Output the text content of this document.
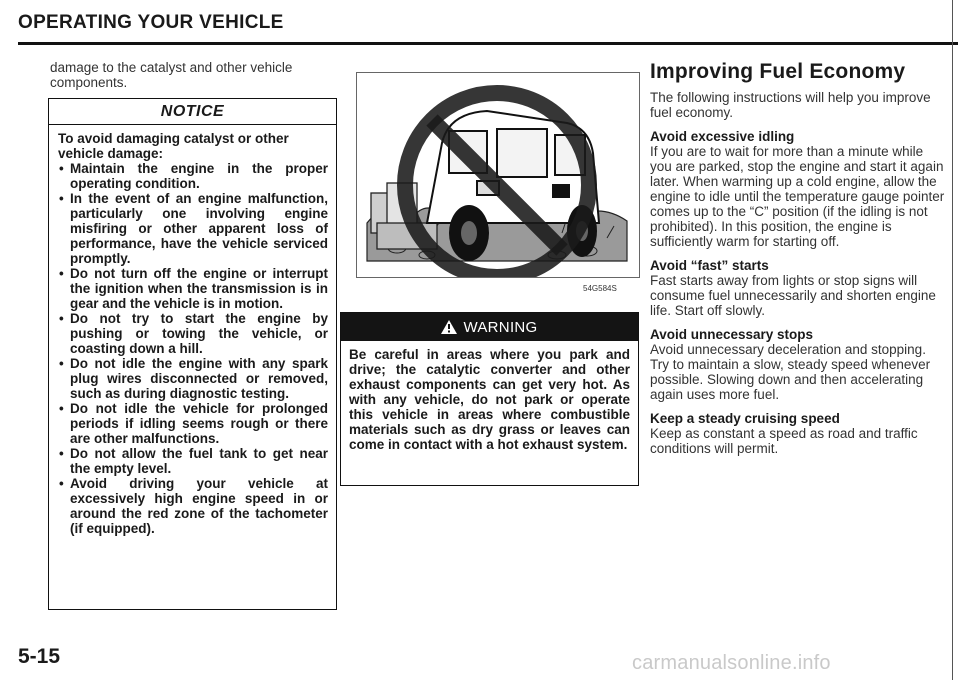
OPERATING YOUR VEHICLE
damage to the catalyst and other vehicle components.
NOTICE

To avoid damaging catalyst or other vehicle damage:

• Maintain the engine in the proper operating condition.
• In the event of an engine malfunction, particularly one involving engine misfiring or other apparent loss of performance, have the vehicle serviced promptly.
• Do not turn off the engine or interrupt the ignition when the transmission is in gear and the vehicle is in motion.
• Do not try to start the engine by pushing or towing the vehicle, or coasting down a hill.
• Do not idle the engine with any spark plug wires disconnected or removed, such as during diagnostic testing.
• Do not idle the vehicle for prolonged periods if idling seems rough or there are other malfunctions.
• Do not allow the fuel tank to get near the empty level.
• Avoid driving your vehicle at excessively high engine speed in or around the red zone of the tachometer (if equipped).
5-15
54G584S
WARNING
Be careful in areas where you park and drive; the catalytic converter and other exhaust components can get very hot. As with any vehicle, do not park or operate this vehicle in areas where combustible materials such as dry grass or leaves can come in contact with a hot exhaust system.
Improving Fuel Economy
The following instructions will help you improve fuel economy.
Avoid excessive idling
If you are to wait for more than a minute while you are parked, stop the engine and start it again later. When warming up a cold engine, allow the engine to idle until the temperature gauge pointer comes up to the “C” position (if the idling is not prohibited). In this position, the engine is sufficiently warm for starting off.
Avoid “fast” starts
Fast starts away from lights or stop signs will consume fuel unnecessarily and shorten engine life. Start off slowly.
Avoid unnecessary stops
Avoid unnecessary deceleration and stopping. Try to maintain a slow, steady speed whenever possible. Slowing down and then accelerating again uses more fuel.
Keep a steady cruising speed
Keep as constant a speed as road and traffic conditions will permit.
carmanualsonline.info
